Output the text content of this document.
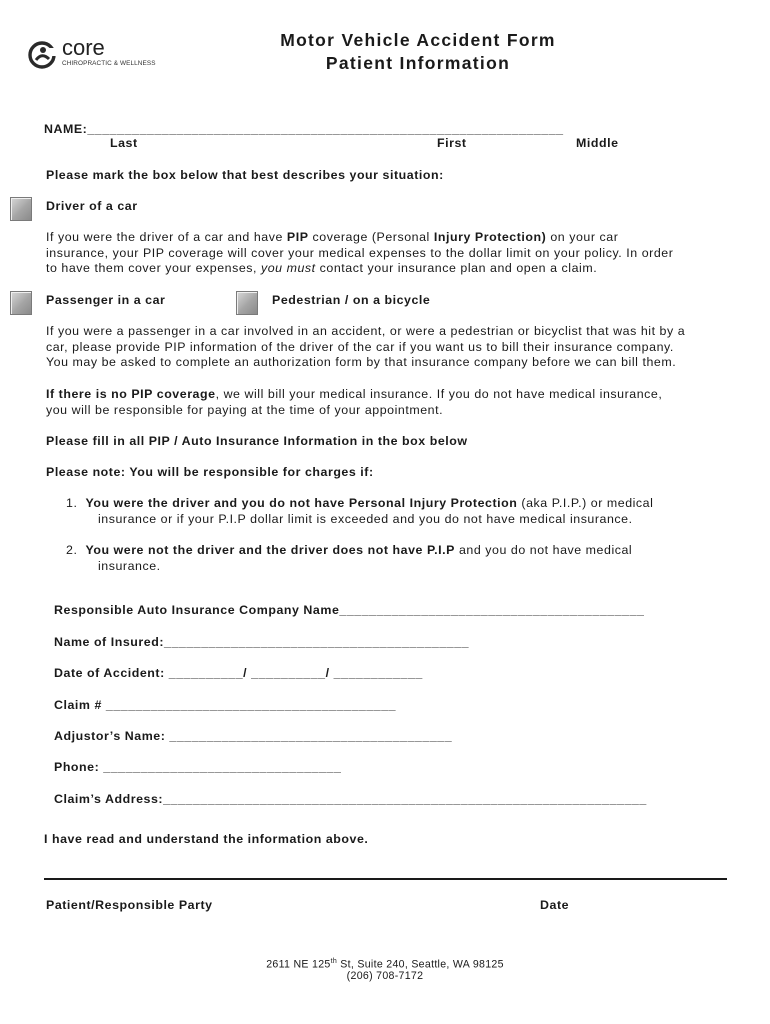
core
CHIROPRACTIC & WELLNESS
Motor Vehicle Accident Form
Patient Information
NAME:________________________________________________________________
Last	First	Middle
Please mark the box below that best describes your situation:
Driver of a car

If you were the driver of a car and have PIP coverage (Personal Injury Protection) on your car

insurance, your PIP coverage will cover your medical expenses to the dollar limit on your policy. In order

to have them cover your expenses, you must contact your insurance plan and open a claim.

Passenger in a car	Pedestrian / on a bicycle

If you were a passenger in a car involved in an accident, or were a pedestrian or bicyclist that was hit by a

car, please provide PIP information of the driver of the car if you want us to bill their insurance company.

You may be asked to complete an authorization form by that insurance company before we can bill them.

If there is no PIP coverage, we will bill your medical insurance. If you do not have medical insurance,

you will be responsible for paying at the time of your appointment.

Please fill in all PIP / Auto Insurance Information in the box below
Please note: You will be responsible for charges if:
1. You were the driver and you do not have Personal Injury Protection (aka P.I.P.) or medical
insurance or if your P.I.P dollar limit is exceeded and you do not have medical insurance.
2. You were not the driver and the driver does not have P.I.P and you do not have medical
insurance.
Responsible Auto Insurance Company Name_________________________________________
Name of Insured:_________________________________________
Date of Accident: __________/ __________/ ____________
Claim # _______________________________________
Adjustor’s Name: ______________________________________
Phone: ________________________________
Claim’s Address:_________________________________________________________________
I have read and understand the information above.
Patient/Responsible Party	Date
2611 NE 125th St, Suite 240, Seattle, WA 98125
(206) 708-7172
